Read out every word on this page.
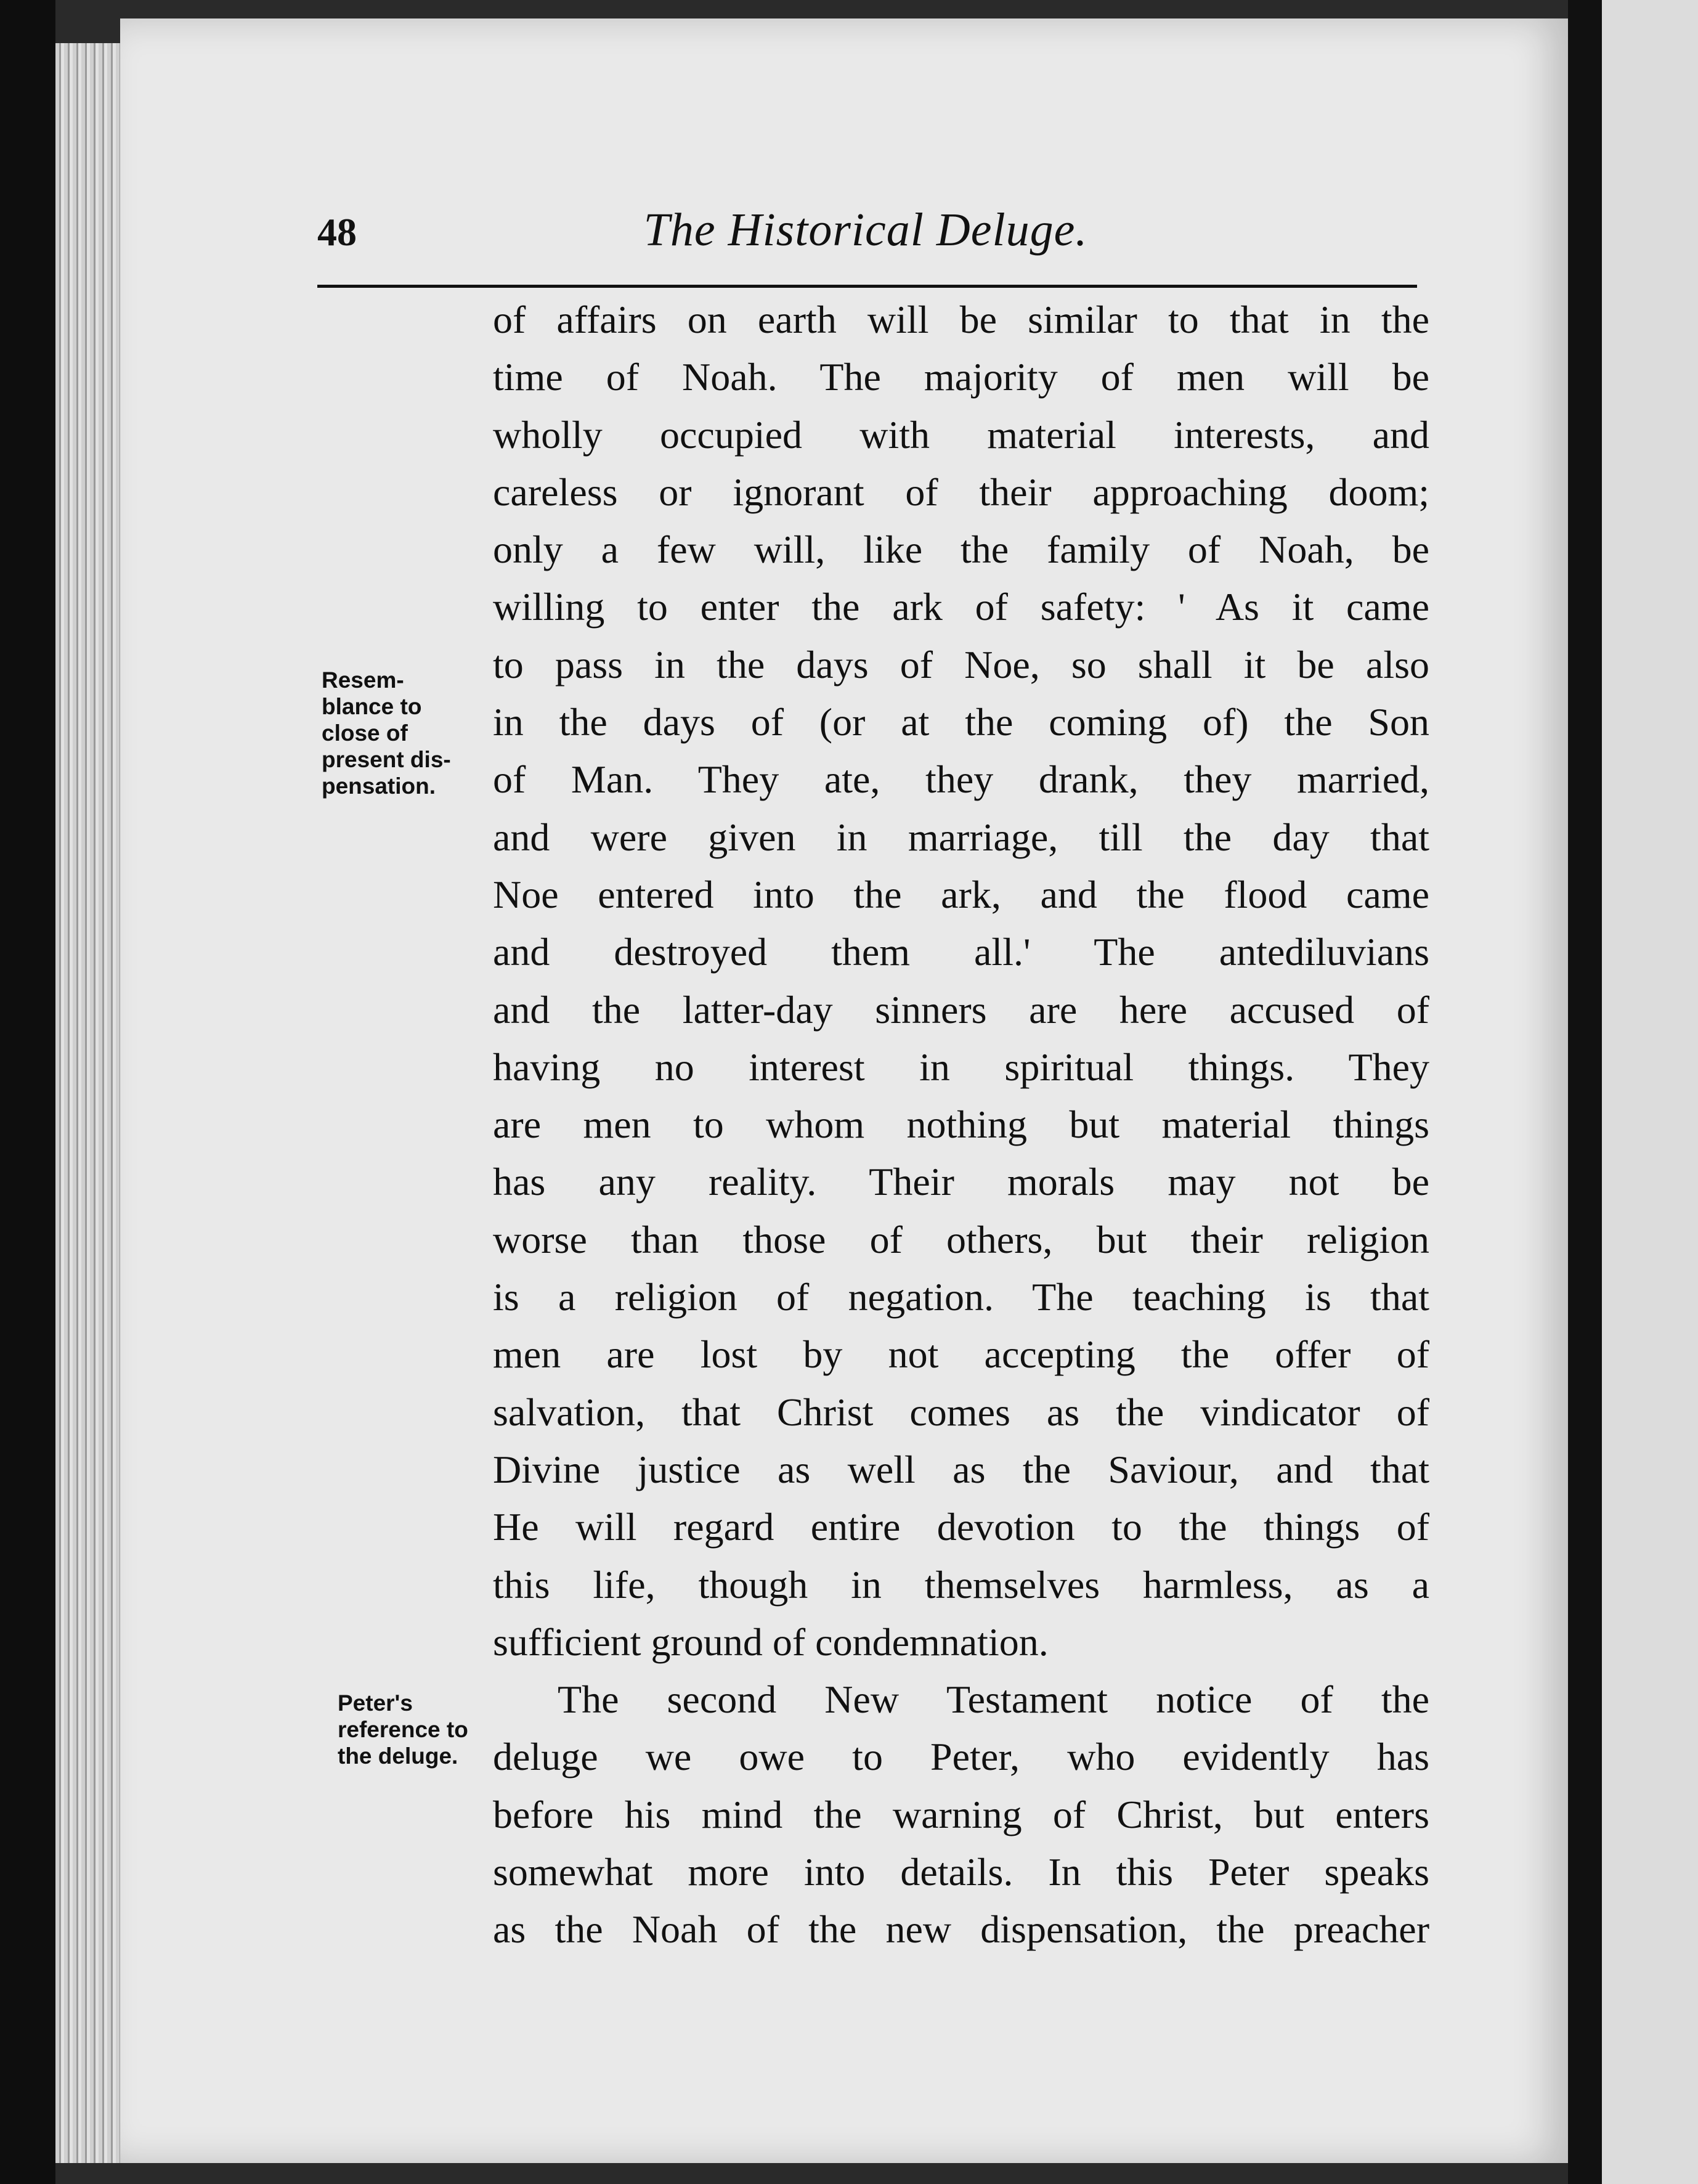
48	The Historical Deluge.
Resem-
blance to
close of
present dis-
pensation.
Peter's
reference to
the deluge.
of affairs on earth will be similar to that in the
time of Noah. The majority of men will be
wholly occupied with material interests, and
careless or ignorant of their approaching doom;
only a few will, like the family of Noah, be
willing to enter the ark of safety: ' As it came
to pass in the days of Noe, so shall it be also
in the days of (or at the coming of) the Son
of Man. They ate, they drank, they married,
and were given in marriage, till the day that
Noe entered into the ark, and the flood came
and destroyed them all.' The antediluvians
and the latter-day sinners are here accused of
having no interest in spiritual things. They
are men to whom nothing but material things
has any reality. Their morals may not be
worse than those of others, but their religion
is a religion of negation. The teaching is that
men are lost by not accepting the offer of
salvation, that Christ comes as the vindicator of
Divine justice as well as the Saviour, and that
He will regard entire devotion to the things of
this life, though in themselves harmless, as a
sufficient ground of condemnation.
The second New Testament notice of the
deluge we owe to Peter, who evidently has
before his mind the warning of Christ, but enters
somewhat more into details. In this Peter speaks
as the Noah of the new dispensation, the preacher
